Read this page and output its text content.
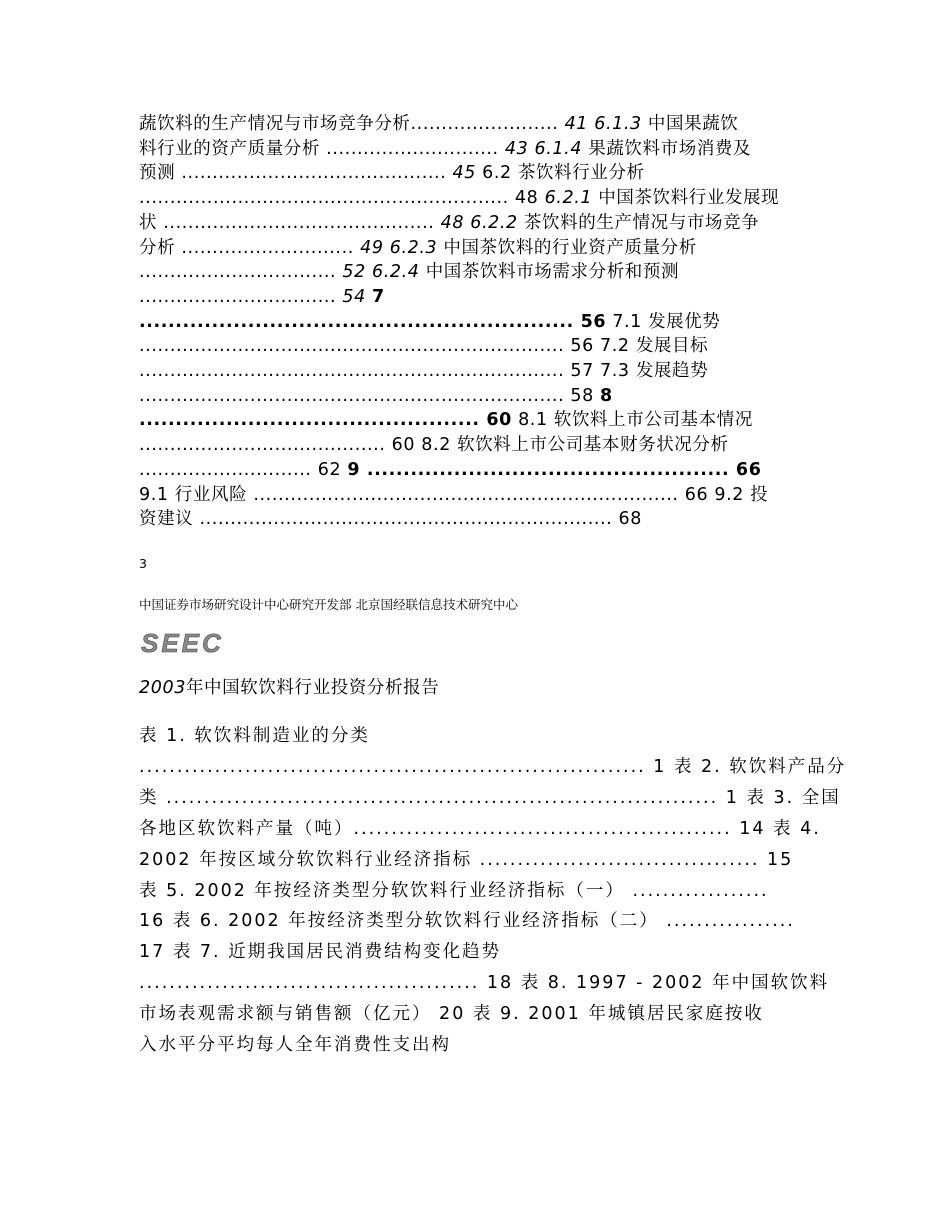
蔬饮料的生产情况与市场竞争分析........................ 41 6.1.3 中国果蔬饮
料行业的资产质量分析 ............................ 43 6.1.4 果蔬饮料市场消费及
预测 ........................................... 45 6.2 茶饮料行业分析
............................................................ 48 6.2.1 中国茶饮料行业发展现
状 ............................................ 48 6.2.2 茶饮料的生产情况与市场竞争
分析 ............................ 49 6.2.3 中国茶饮料的行业资产质量分析
................................ 52 6.2.4 中国茶饮料市场需求分析和预测
................................ 54 7
............................................................ 56 7.1 发展优势
..................................................................... 56 7.2 发展目标
..................................................................... 57 7.3 发展趋势
..................................................................... 58 8
............................................... 60 8.1 软饮料上市公司基本情况
........................................ 60 8.2 软饮料上市公司基本财务状况分析
............................ 62 9 .................................................. 66
9.1 行业风险 ..................................................................... 66 9.2 投
资建议 ................................................................... 68
3
中国证券市场研究设计中心研究开发部 北京国经联信息技术研究中心
SEEC
2003年中国软饮料行业投资分析报告
表 1. 软饮料制造业的分类
................................................................... 1 表 2. 软饮料产品分
类 ......................................................................... 1 表 3. 全国
各地区软饮料产量（吨）.................................................. 14 表 4.
2002 年按区域分软饮料行业经济指标 ..................................... 15
表 5. 2002 年按经济类型分软饮料行业经济指标（一） ..................
16 表 6. 2002 年按经济类型分软饮料行业经济指标（二） .................
17 表 7. 近期我国居民消费结构变化趋势
............................................. 18 表 8. 1997 - 2002 年中国软饮料
市场表观需求额与销售额（亿元） 20 表 9. 2001 年城镇居民家庭按收
入水平分平均每人全年消费性支出构
